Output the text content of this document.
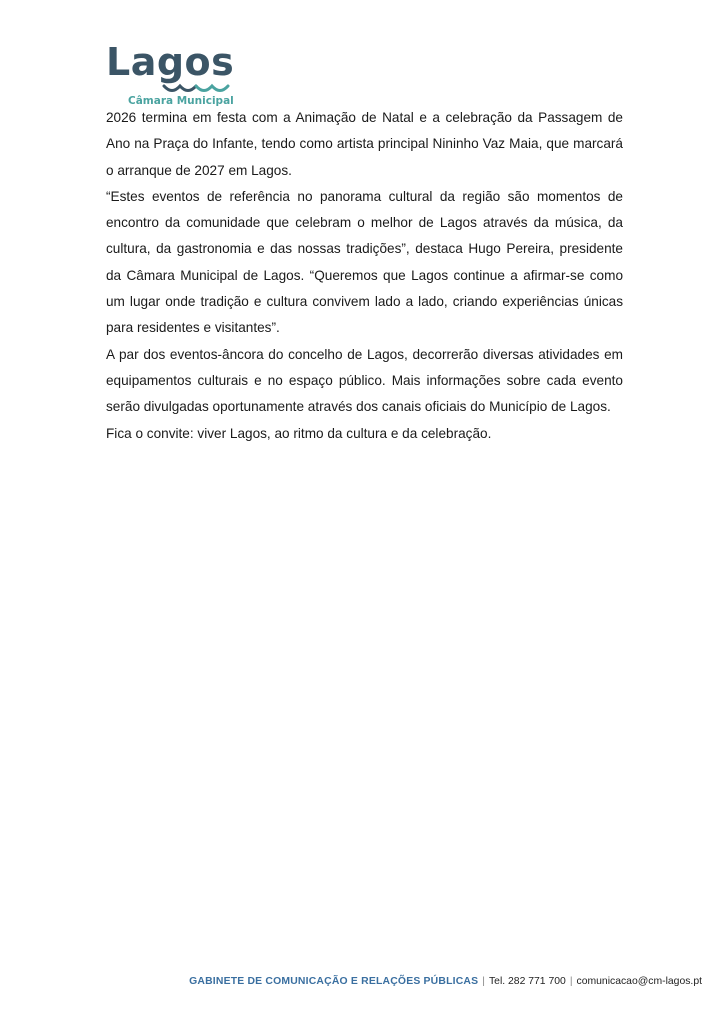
Lagos
Câmara Municipal

2026 termina em festa com a Animação de Natal e a celebração da Passagem de Ano na Praça do Infante, tendo como artista principal Nininho Vaz Maia, que marcará o arranque de 2027 em Lagos.

“Estes eventos de referência no panorama cultural da região são momentos de encontro da comunidade que celebram o melhor de Lagos através da música, da cultura, da gastronomia e das nossas tradições”, destaca Hugo Pereira, presidente da Câmara Municipal de Lagos. “Queremos que Lagos continue a afirmar-se como um lugar onde tradição e cultura convivem lado a lado, criando experiências únicas para residentes e visitantes”.

A par dos eventos-âncora do concelho de Lagos, decorrerão diversas atividades em equipamentos culturais e no espaço público. Mais informações sobre cada evento serão divulgadas oportunamente através dos canais oficiais do Município de Lagos.

Fica o convite: viver Lagos, ao ritmo da cultura e da celebração.

GABINETE DE COMUNICAÇÃO E RELAÇÕES PÚBLICAS | Tel. 282 771 700 | comunicacao@cm-lagos.pt
